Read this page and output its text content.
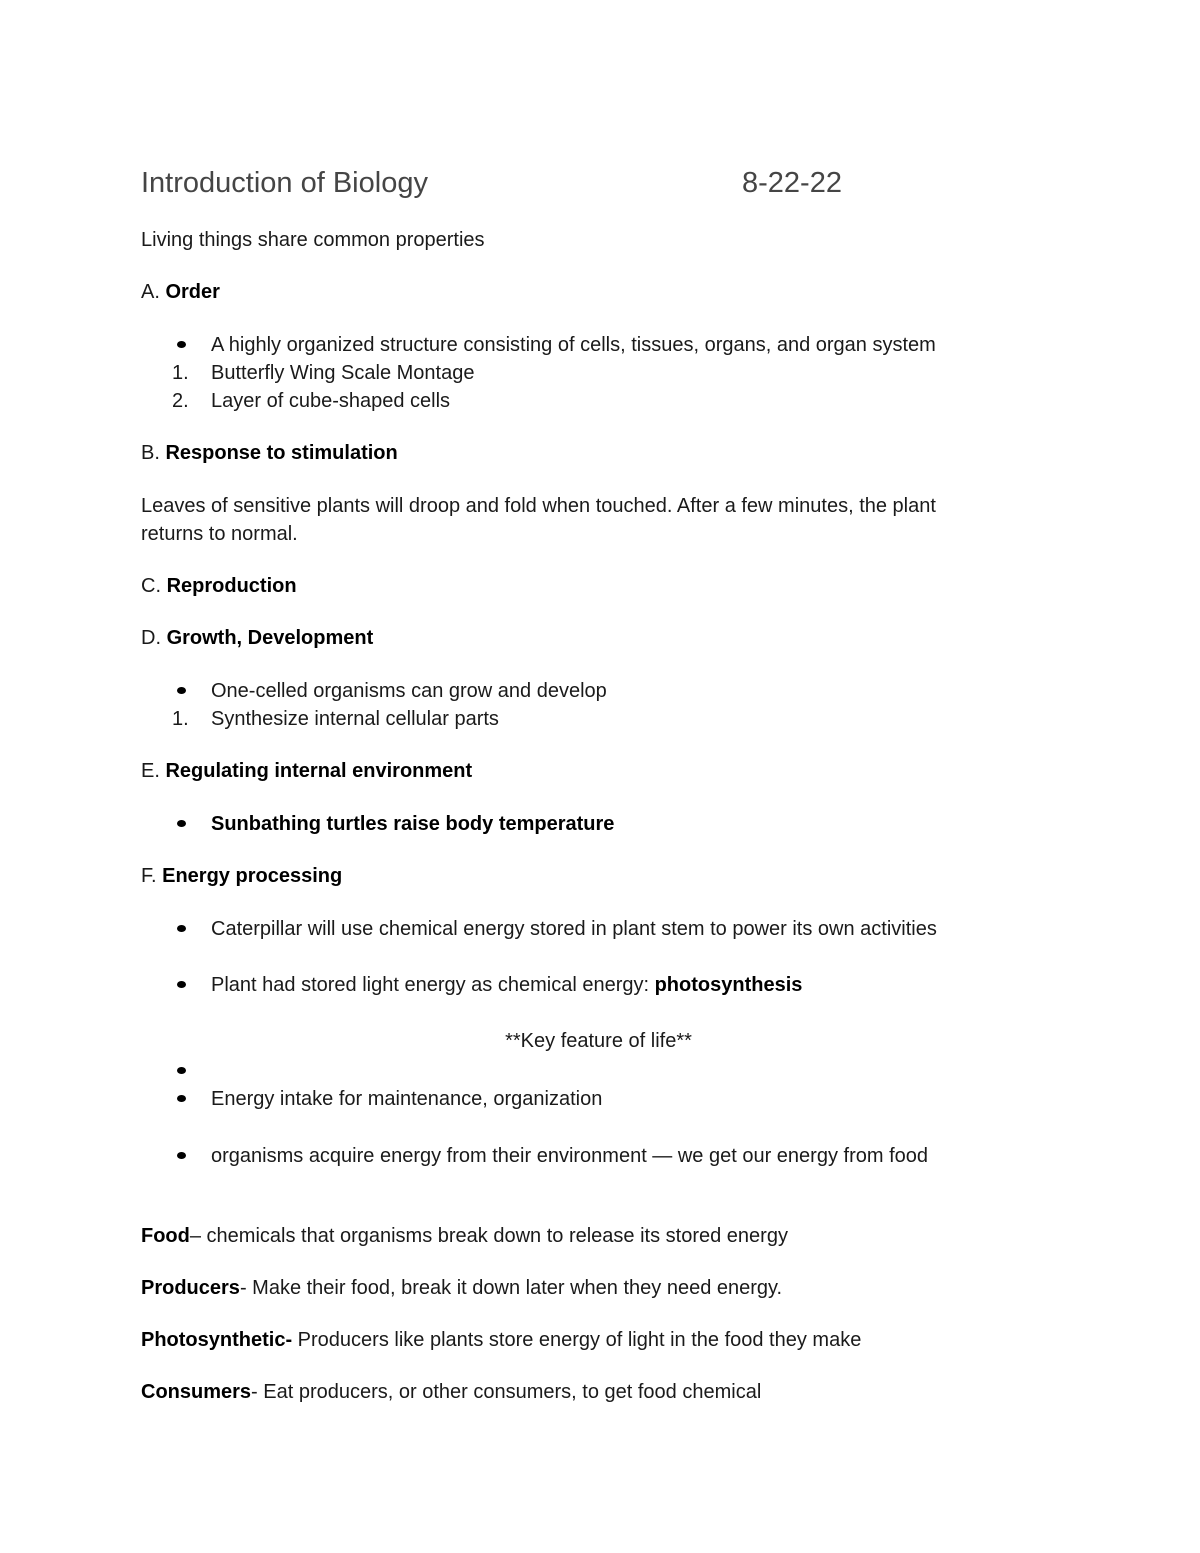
Introduction of Biology	8-22-22
Living things share common properties
A. Order
A highly organized structure consisting of cells, tissues, organs, and organ system
1. Butterfly Wing Scale Montage
2. Layer of cube-shaped cells
B. Response to stimulation
Leaves of sensitive plants will droop and fold when touched. After a few minutes, the plant
returns to normal.
C. Reproduction
D. Growth, Development
One-celled organisms can grow and develop
1. Synthesize internal cellular parts
E. Regulating internal environment
Sunbathing turtles raise body temperature
F. Energy processing
Caterpillar will use chemical energy stored in plant stem to power its own activities
Plant had stored light energy as chemical energy: photosynthesis
**Key feature of life**
Energy intake for maintenance, organization
organisms acquire energy from their environment — we get our energy from food
Food– chemicals that organisms break down to release its stored energy
Producers- Make their food, break it down later when they need energy.
Photosynthetic- Producers like plants store energy of light in the food they make
Consumers- Eat producers, or other consumers, to get food chemical
